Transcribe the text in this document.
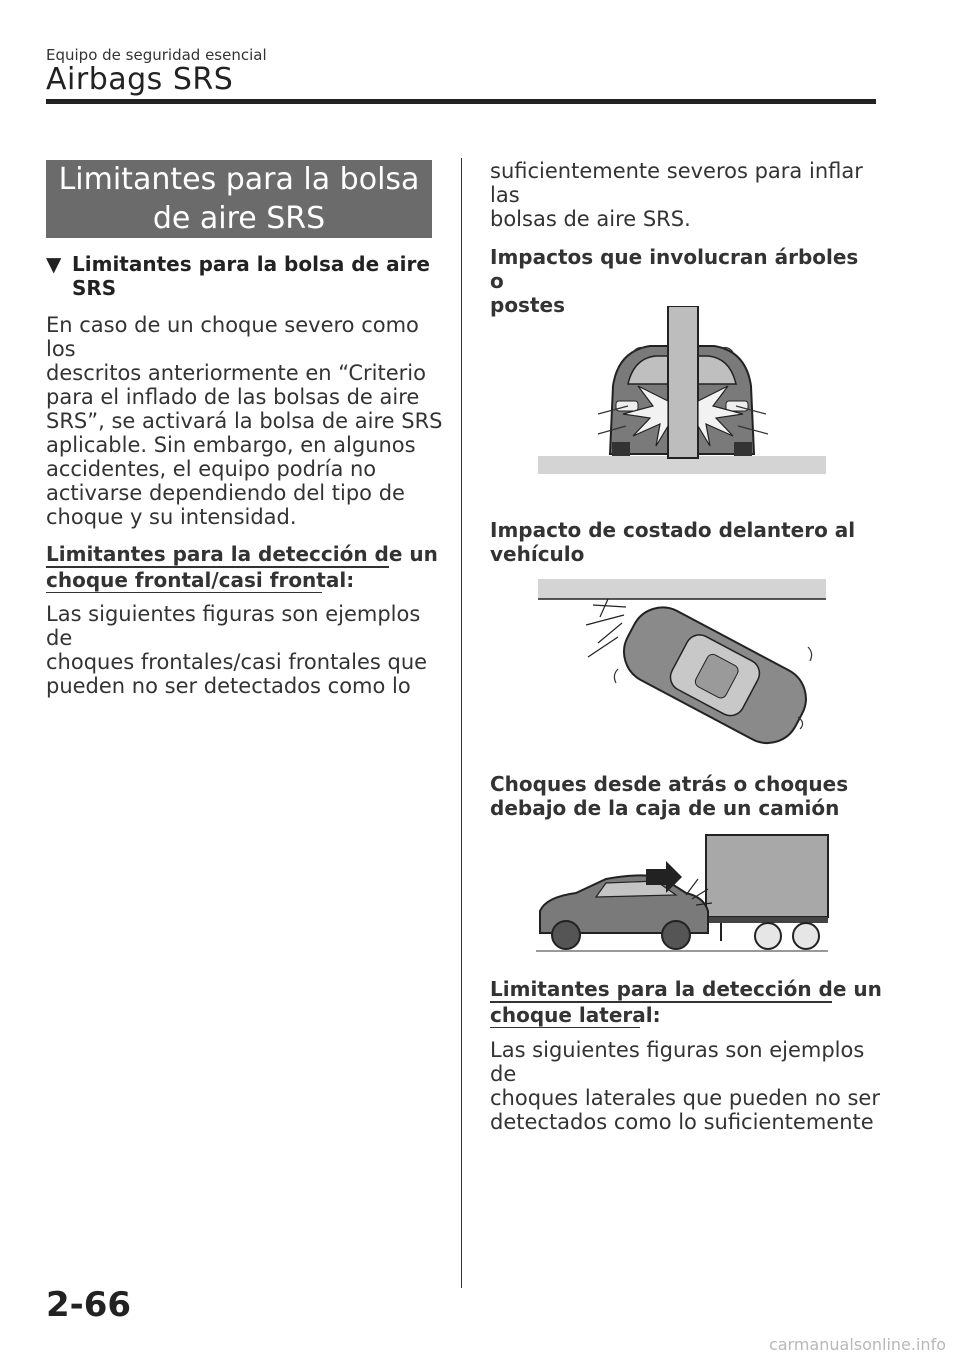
Equipo de seguridad esencial
Airbags SRS
Limitantes para la bolsa
de aire SRS
▼ Limitantes para la bolsa de aire
SRS
En caso de un choque severo como los
descritos anteriormente en “Criterio
para el inflado de las bolsas de aire
SRS”, se activará la bolsa de aire SRS
aplicable. Sin embargo, en algunos
accidentes, el equipo podría no
activarse dependiendo del tipo de
choque y su intensidad.
Limitantes para la detección de un
choque frontal/casi frontal:
Las siguientes figuras son ejemplos de
choques frontales/casi frontales que
pueden no ser detectados como lo
suficientemente severos para inflar las
bolsas de aire SRS.
Impactos que involucran árboles o
postes
Impacto de costado delantero al
vehículo
Choques desde atrás o choques
debajo de la caja de un camión
Limitantes para la detección de un
choque lateral:
Las siguientes figuras son ejemplos de
choques laterales que pueden no ser
detectados como lo suficientemente
2-66
carmanualsonline.info
